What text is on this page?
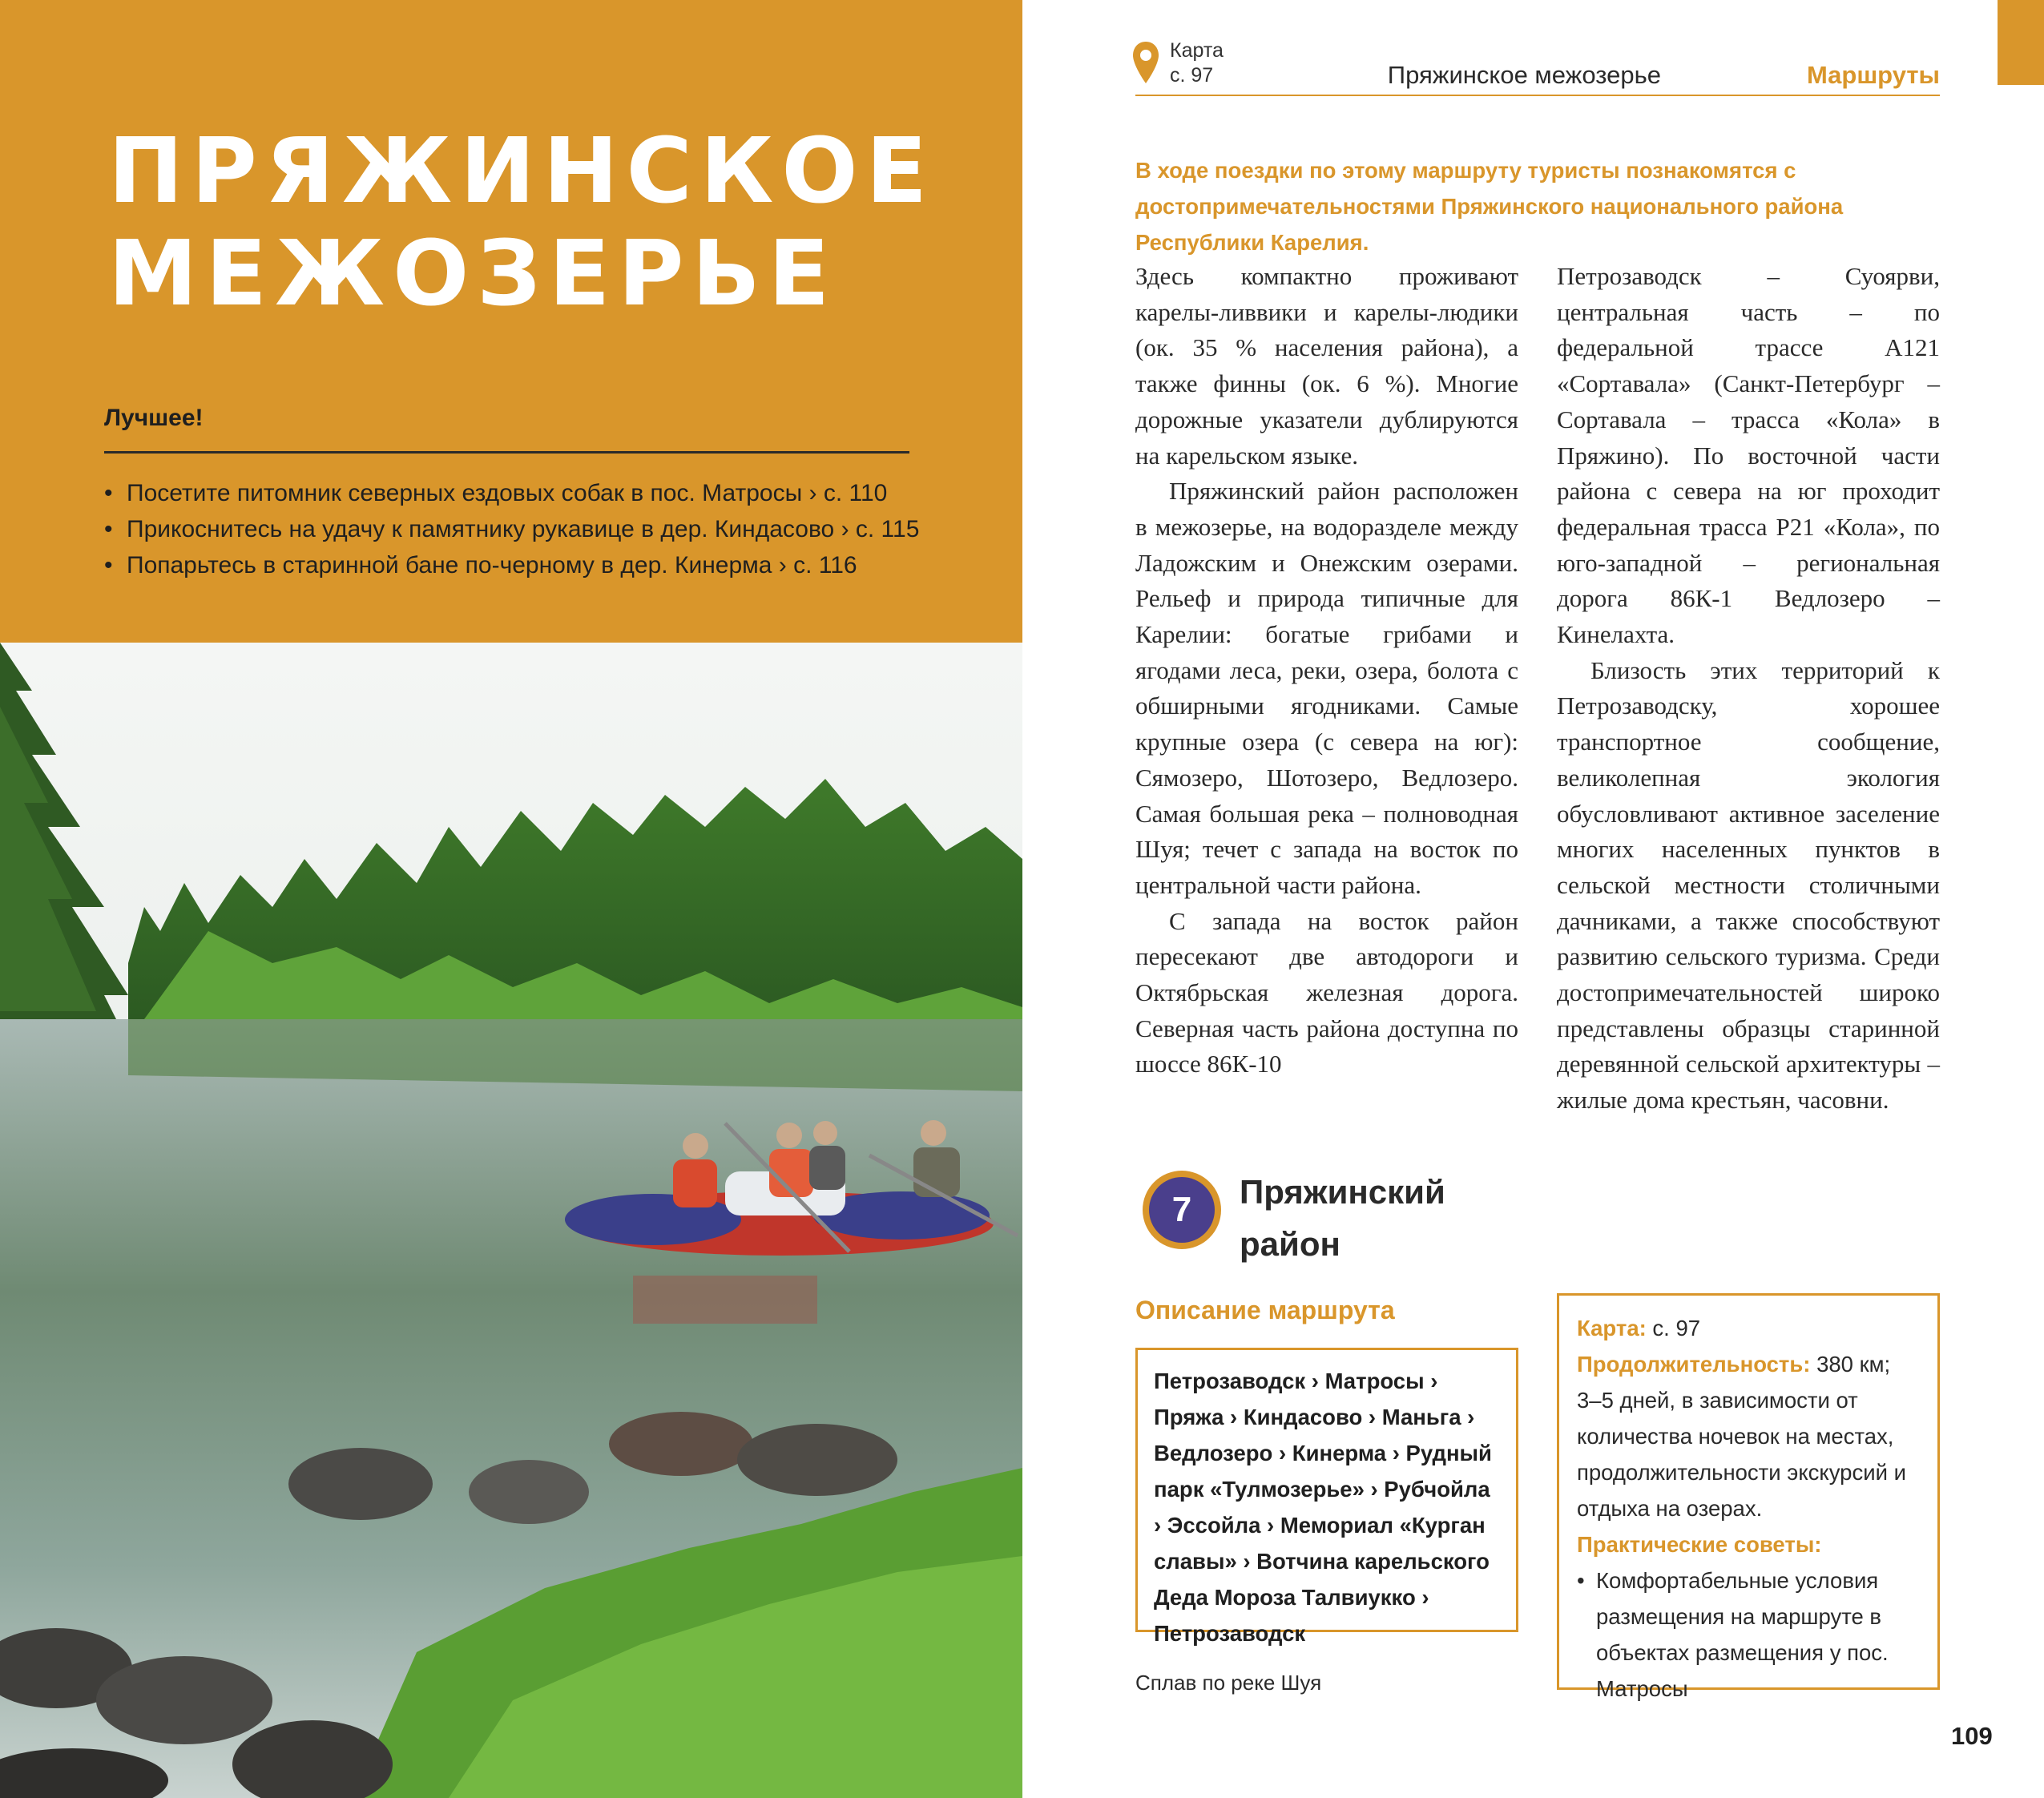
ПРЯЖИНСКОЕ
МЕЖОЗЕРЬЕ
Лучшее!
• Посетите питомник северных ездовых собак в пос. Матросы › с. 110
• Прикоснитесь на удачу к памятнику рукавице в дер. Киндасово › с. 115
• Попарьтесь в старинной бане по-черному в дер. Кинерма › с. 116
Карта
с. 97	Пряжинское межозерье	Маршруты
В ходе поездки по этому маршруту туристы познакомятся с достопримечательностями Пряжинского национального района Республики Карелия.

Здесь компактно проживают карелы-ливвики и карелы-людики (ок. 35 % населения района), а также финны (ок. 6 %). Многие дорожные указатели дублируются на карельском языке.

Пряжинский район расположен в межозерье, на водоразделе между Ладожским и Онежским озерами. Рельеф и природа типичные для Карелии: богатые грибами и ягодами леса, реки, озера, болота с обширными ягодниками. Самые крупные озера (с севера на юг): Сямозеро, Шотозеро, Ведлозеро. Самая большая река – полноводная Шуя; течет с запада на восток по центральной части района.

С запада на восток район пересекают две автодороги и Октябрьская железная дорога. Северная часть района доступна по шоссе 86К-10

Петрозаводск – Суоярви, центральная часть – по федеральной трассе А121 «Сортавала» (Санкт-Петербург – Сортавала – трасса «Кола» в Пряжино). По восточной части района с севера на юг проходит федеральная трасса Р21 «Кола», по юго-западной – региональная дорога 86К-1 Ведлозеро – Кинелахта.

Близость этих территорий к Петрозаводску, хорошее транспортное сообщение, великолепная экология обусловливают активное заселение многих населенных пунктов в сельской местности столичными дачниками, а также способствуют развитию сельского туризма. Среди достопримечательностей широко представлены образцы старинной деревянной сельской архитектуры – жилые дома крестьян, часовни.

7	Пряжинский
район
Описание маршрута
Петрозаводск › Матросы › Пряжа › Киндасово › Маньга › Ведлозеро › Кинерма › Рудный парк «Тулмозерье» › Рубчойла › Эссойла › Мемориал «Курган славы» › Вотчина карельского Деда Мороза Талвиукко › Петрозаводск
Сплав по реке Шуя
Карта: с. 97
Продолжительность: 380 км;
3–5 дней, в зависимости от количества ночевок на местах, продолжительности экскурсий и отдыха на озерах.
Практические советы:
• Комфортабельные условия размещения на маршруте в объектах размещения у пос. Матросы
109
